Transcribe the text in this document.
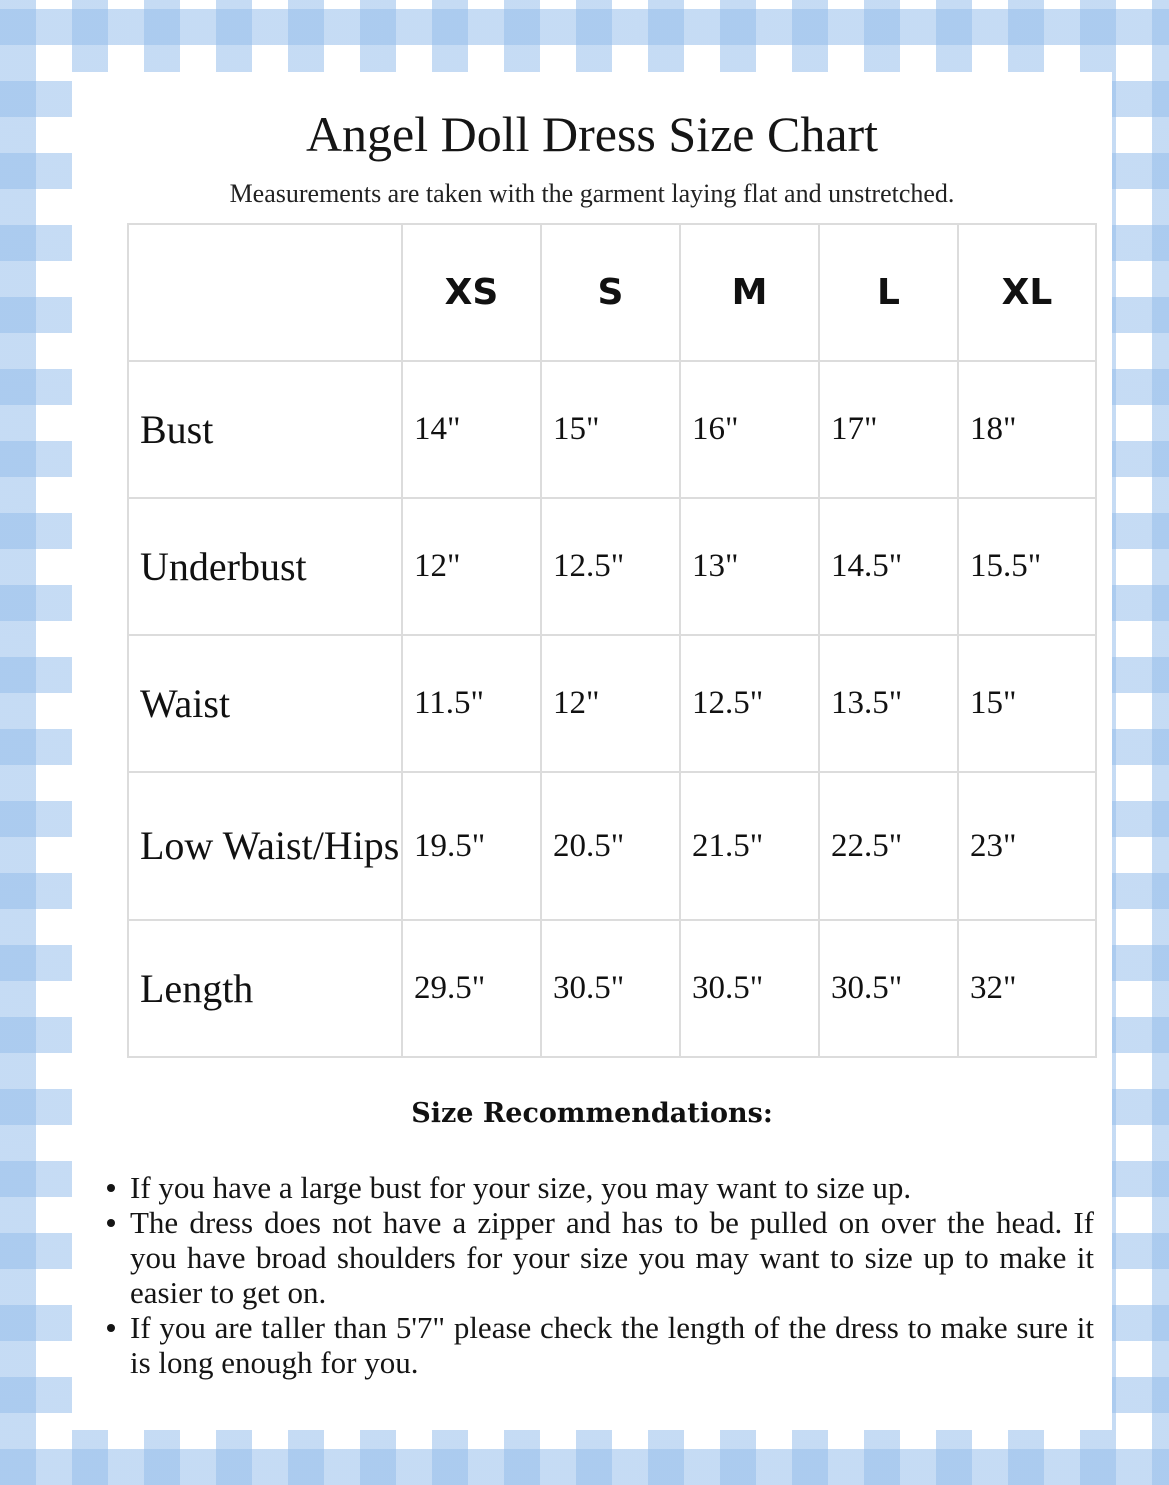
Angel Doll Dress Size Chart
Measurements are taken with the garment laying flat and unstretched.
	XS	S	M	L	XL
Bust	14"	15"	16"	17"	18"
Underbust	12"	12.5"	13"	14.5"	15.5"
Waist	11.5"	12"	12.5"	13.5"	15"
Low Waist/Hips	19.5"	20.5"	21.5"	22.5"	23"
Length	29.5"	30.5"	30.5"	30.5"	32"
Size Recommendations:
If you have a large bust for your size, you may want to size up.
The dress does not have a zipper and has to be pulled on over the head. If you have broad shoulders for your size you may want to size up to make it easier to get on.
If you are taller than 5'7" please check the length of the dress to make sure it is long enough for you.
